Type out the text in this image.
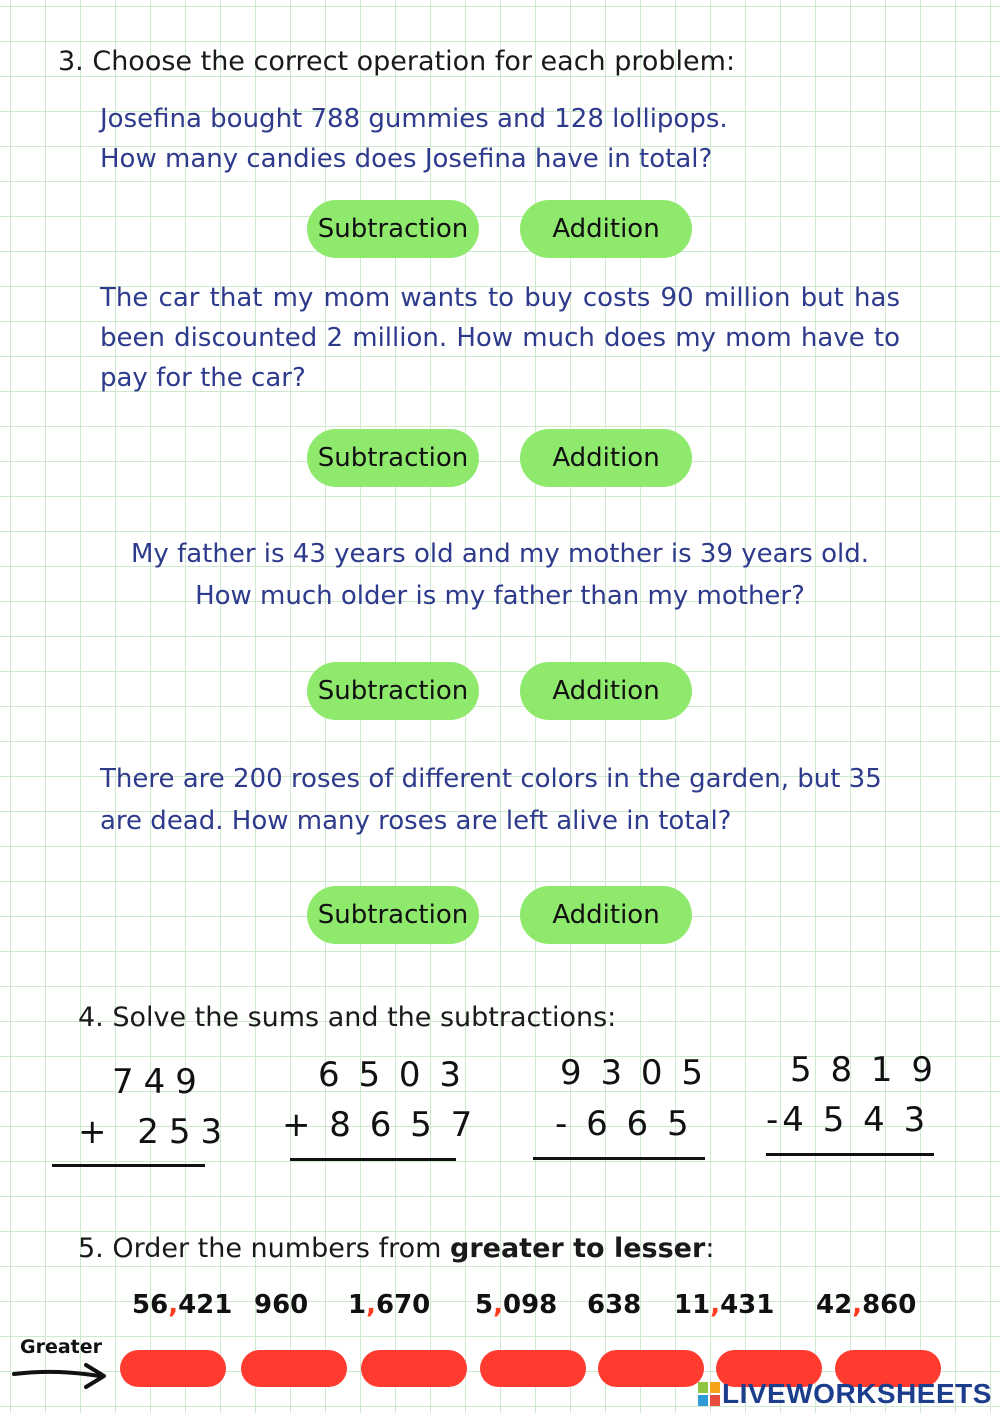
3. Choose the correct operation for each problem:
Josefina bought 788 gummies and 128 lollipops.
How many candies does Josefina have in total?
Subtraction	Addition
The car that my mom wants to buy costs 90 million but has been discounted 2 million. How much does my mom have to pay for the car?
Subtraction	Addition
My father is 43 years old and my mother is 39 years old.
How much older is my father than my mother?
Subtraction	Addition
There are 200 roses of different colors in the garden, but 35 are dead. How many roses are left alive in total?
Subtraction	Addition
4. Solve the sums and the subtractions:
749
+ 253
6 5 0 3
+ 8 6 5 7
9 3 0 5
- 6 6 5
5 8 1 9
-4 5 4 3
5. Order the numbers from greater to lesser:
56,421 960 1,670 5,098 638 11,431 42,860
Greater
LIVEWORKSHEETS
